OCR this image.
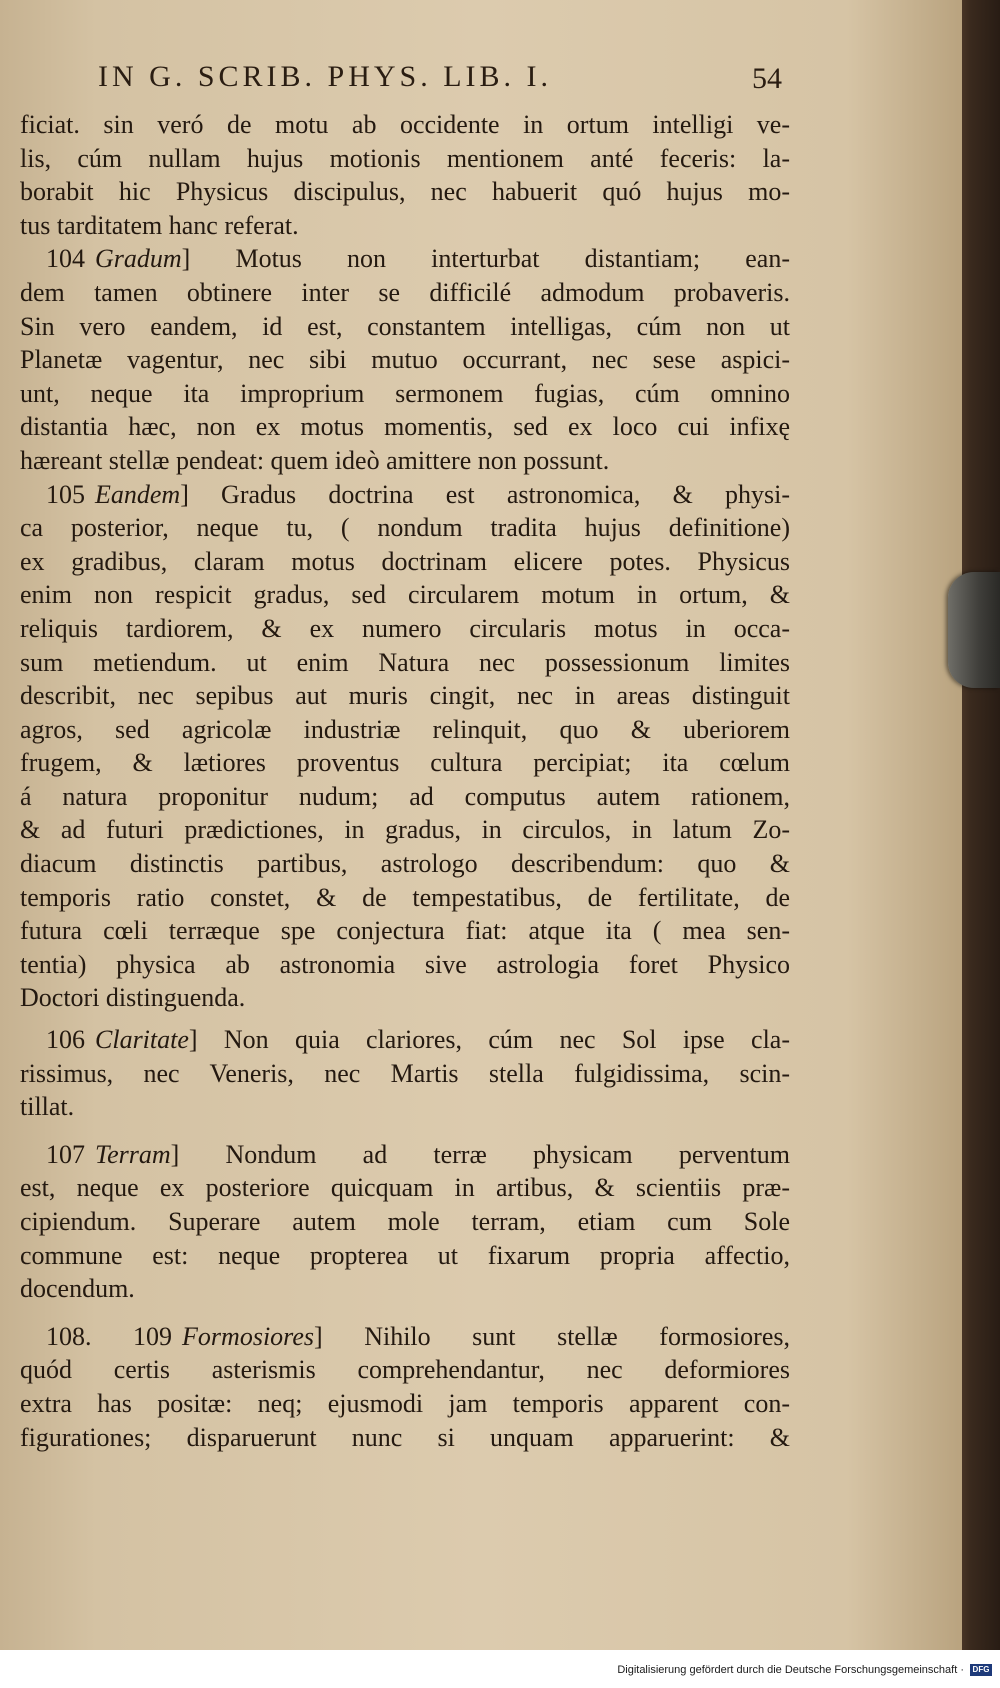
IN G. SCRIB. PHYS. LIB. I.	54
ficiat. sin veró de motu ab occidente in ortum intelligi ve-
lis, cúm nullam hujus motionis mentionem anté feceris: la-
borabit hic Physicus discipulus, nec habuerit quó hujus mo-
tus tarditatem hanc referat.
104 Gradum] Motus non interturbat distantiam; ean-
dem tamen obtinere inter se difficilé admodum probaveris.
Sin vero eandem, id est, constantem intelligas, cúm non ut
Planetæ vagentur, nec sibi mutuo occurrant, nec sese aspici-
unt, neque ita improprium sermonem fugias, cúm omnino
distantia hæc, non ex motus momentis, sed ex loco cui infixę
hæreant stellæ pendeat: quem ideò amittere non possunt.
105 Eandem] Gradus doctrina est astronomica, & physi-
ca posterior, neque tu, ( nondum tradita hujus definitione)
ex gradibus, claram motus doctrinam elicere potes. Physicus
enim non respicit gradus, sed circularem motum in ortum, &
reliquis tardiorem, & ex numero circularis motus in occa-
sum metiendum. ut enim Natura nec possessionum limites
describit, nec sepibus aut muris cingit, nec in areas distinguit
agros, sed agricolæ industriæ relinquit, quo & uberiorem
frugem, & lætiores proventus cultura percipiat; ita cœlum
á natura proponitur nudum; ad computus autem rationem,
& ad futuri prædictiones, in gradus, in circulos, in latum Zo-
diacum distinctis partibus, astrologo describendum: quo &
temporis ratio constet, & de tempestatibus, de fertilitate, de
futura cœli terræque spe conjectura fiat: atque ita ( mea sen-
tentia) physica ab astronomia sive astrologia foret Physico
Doctori distinguenda.
106 Claritate] Non quia clariores, cúm nec Sol ipse cla-
rissimus, nec Veneris, nec Martis stella fulgidissima, scin-
tillat.
107 Terram] Nondum ad terræ physicam perventum
est, neque ex posteriore quicquam in artibus, & scientiis præ-
cipiendum. Superare autem mole terram, etiam cum Sole
commune est: neque propterea ut fixarum propria affectio,
docendum.
108. 109 Formosiores] Nihilo sunt stellæ formosiores,
quód certis asterismis comprehendantur, nec deformiores
extra has positæ: neq; ejusmodi jam temporis apparent con-
figurationes; disparuerunt nunc si unquam apparuerint: &
Digitalisierung gefördert durch die Deutsche Forschungsgemeinschaft ·	DFG
